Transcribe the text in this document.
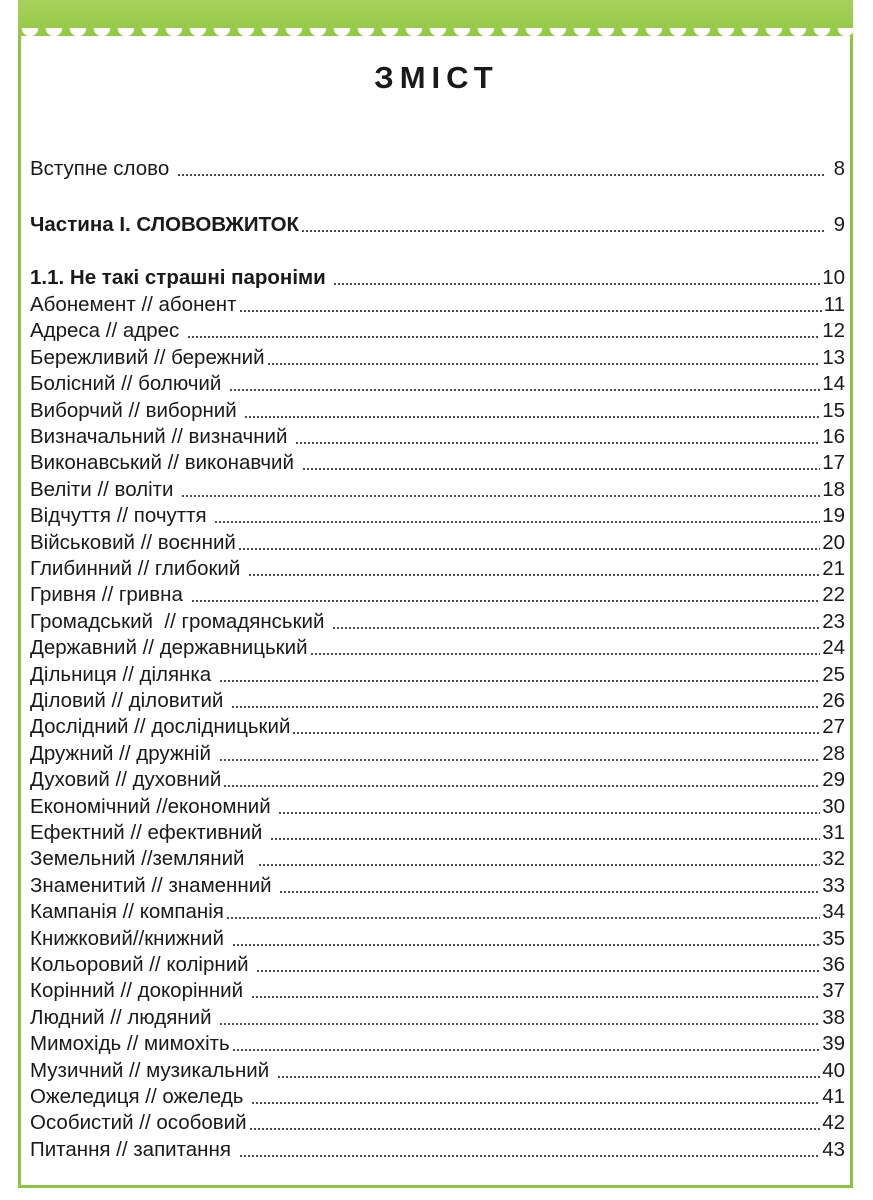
ЗМІСТ
Вступне слово	8
Частина I. СЛОВОВЖИТОК	9
1.1. Не такі страшні пароніми	10
Абонемент // абонент	11
Адреса // адрес	12
Бережливий // бережний	13
Болісний // болючий	14
Виборчий // виборний	15
Визначальний // визначний	16
Виконавський // виконавчий	17
Веліти // воліти	18
Відчуття // почуття	19
Військовий // воєнний	20
Глибинний // глибокий	21
Гривня // гривна	22
Громадський  // громадянський	23
Державний // державницький	24
Дільниця // ділянка	25
Діловий // діловитий	26
Дослідний // дослідницький	27
Дружний // дружній	28
Духовий // духовний	29
Економічний //економний	30
Ефектний // ефективний	31
Земельний //земляний	32
Знаменитий // знаменний	33
Кампанія // компанія	34
Книжковий//книжний	35
Кольоровий // колірний	36
Корінний // докорінний	37
Людний // людяний	38
Мимохідь // мимохіть	39
Музичний // музикальний	40
Ожеледиця // ожеледь	41
Особистий // особовий	42
Питання // запитання	43
